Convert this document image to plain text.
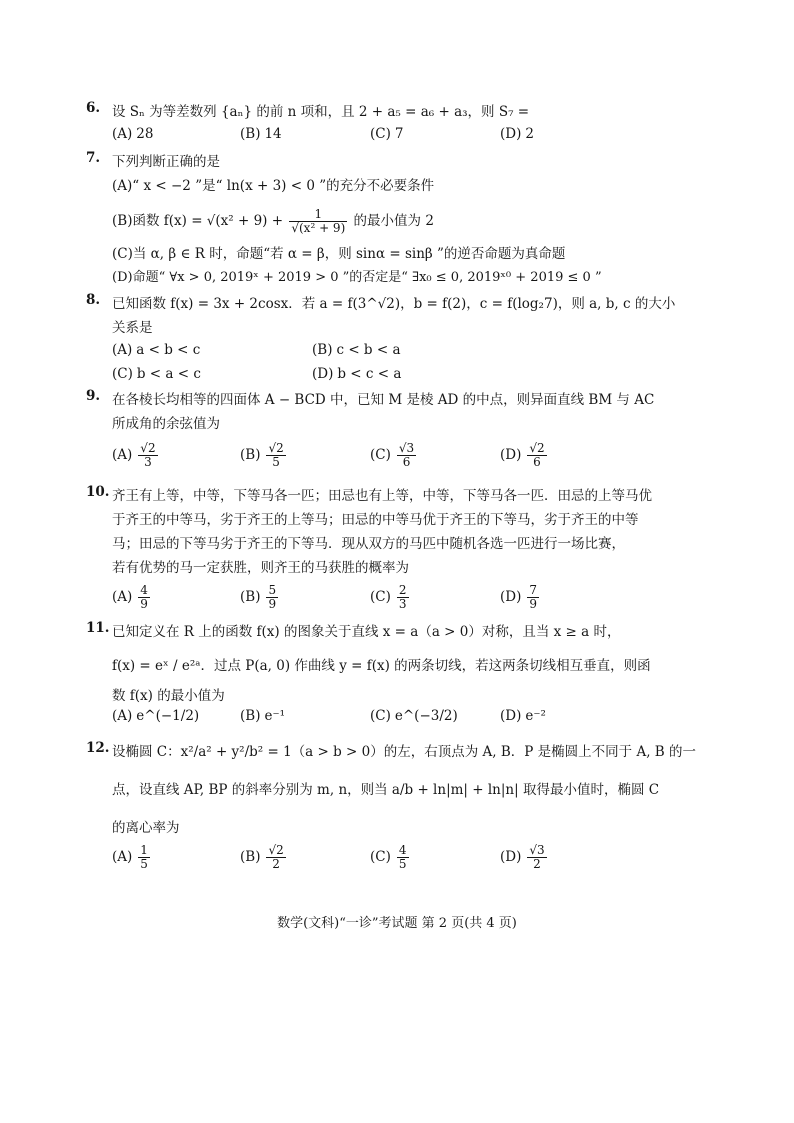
6. 设 Sₙ 为等差数列 {aₙ} 的前 n 项和，且 2 + a₅ = a₆ + a₃，则 S₇ =
(A) 28	(B) 14	(C) 7	(D) 2
7. 下列判断正确的是
(A)“ x < −2 ”是“ ln(x + 3) < 0 ”的充分不必要条件
(B)函数 $f(x) = √(x^2 + 9) + \frac{1}{\text{√(x² + 9)}}$ 的最小值为 2
(C)当 α, β ∈ R 时，命题“若 α = β，则 sinα = sinβ ”的逆否命题为真命题
(D)命题“ ∀x > 0, 2019ˣ + 2019 > 0 ”的否定是“ ∃x₀ ≤ 0, 2019ˣ⁰ + 2019 ≤ 0 ”
8. 已知函数 f(x) = 3x + 2cosx．若 a = f(3^√2)，b = f(2)，c = f(log₂7)，则 a, b, c 的大小
关系是
(A) a < b < c	(B) c < b < a
(C) b < a < c	(D) b < c < a
9. 在各棱长均相等的四面体 A − BCD 中，已知 M 是棱 AD 的中点，则异面直线 BM 与 AC
所成角的余弦值为
$(A) \frac{√2}{3}$	$(B) \frac{√2}{5}$	$(C) \frac{√3}{6}$	$(D) \frac{√2}{6}$
10. 齐王有上等，中等，下等马各一匹；田忌也有上等，中等，下等马各一匹．田忌的上等马优
于齐王的中等马，劣于齐王的上等马；田忌的中等马优于齐王的下等马，劣于齐王的中等
马；田忌的下等马劣于齐王的下等马．现从双方的马匹中随机各选一匹进行一场比赛，
若有优势的马一定获胜，则齐王的马获胜的概率为
$(A) \frac{4}{9}$	$(B) \frac{5}{9}$	$(C) \frac{2}{3}$	$(D) \frac{7}{9}$
11. 已知定义在 R 上的函数 f(x) 的图象关于直线 x = a（a > 0）对称，且当 x ≥ a 时，
f(x) = eˣ / e²ᵃ．过点 P(a, 0) 作曲线 y = f(x) 的两条切线，若这两条切线相互垂直，则函
数 f(x) 的最小值为
(A) e^(−1/2)	(B) e⁻¹	(C) e^(−3/2)	(D) e⁻²
12. 设椭圆 C：x²/a² + y²/b² = 1（a > b > 0）的左，右顶点为 A, B．P 是椭圆上不同于 A, B 的一
点，设直线 AP, BP 的斜率分别为 m, n，则当 a/b + ln|m| + ln|n| 取得最小值时，椭圆 C
的离心率为
$(A) \frac{1}{5}$	$(B) \frac{√2}{2}$	$(C) \frac{4}{5}$	$(D) \frac{√3}{2}$
数学(文科)“一诊”考试题 第 2 页(共 4 页)
